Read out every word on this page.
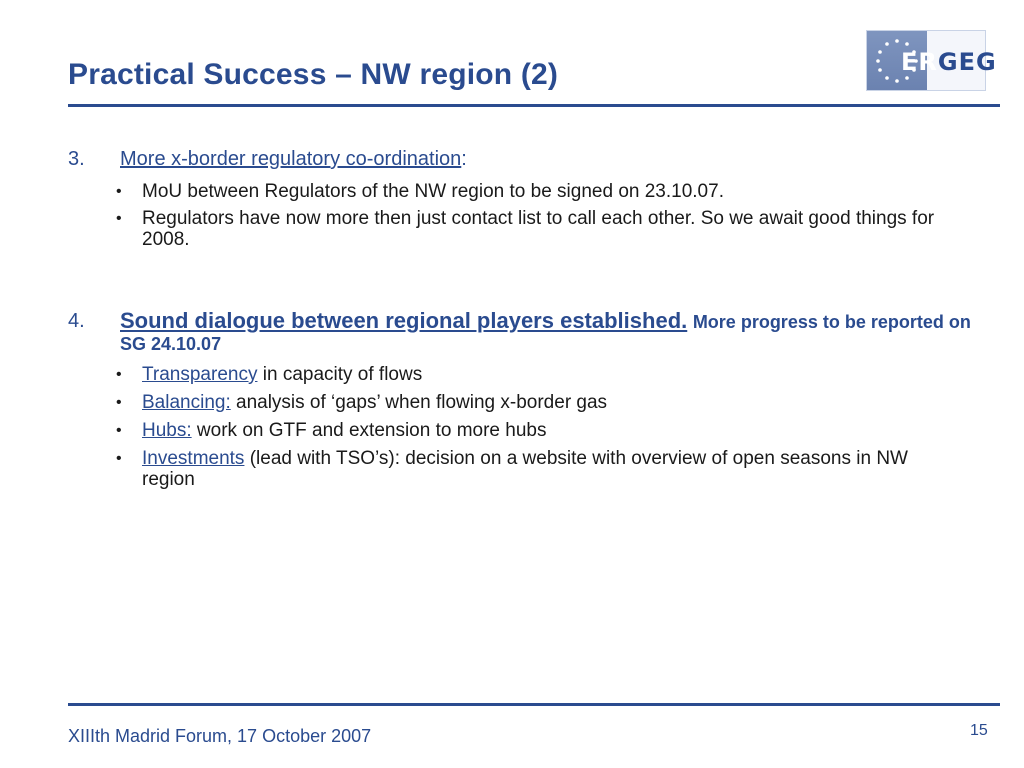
Practical Success – NW region (2)	ERGEG
3. More x-border regulatory co-ordination:
• MoU between Regulators of the NW region to be signed on 23.10.07.
• Regulators have now more then just contact list to call each other. So we await good things for 2008.
4. Sound dialogue between regional players established. More progress to be reported on SG 24.10.07
• Transparency in capacity of flows
• Balancing: analysis of ‘gaps’ when flowing x-border gas
• Hubs: work on GTF and extension to more hubs
• Investments (lead with TSO’s): decision on a website with overview of open seasons in NW region
XIIIth Madrid Forum, 17 October 2007	15
